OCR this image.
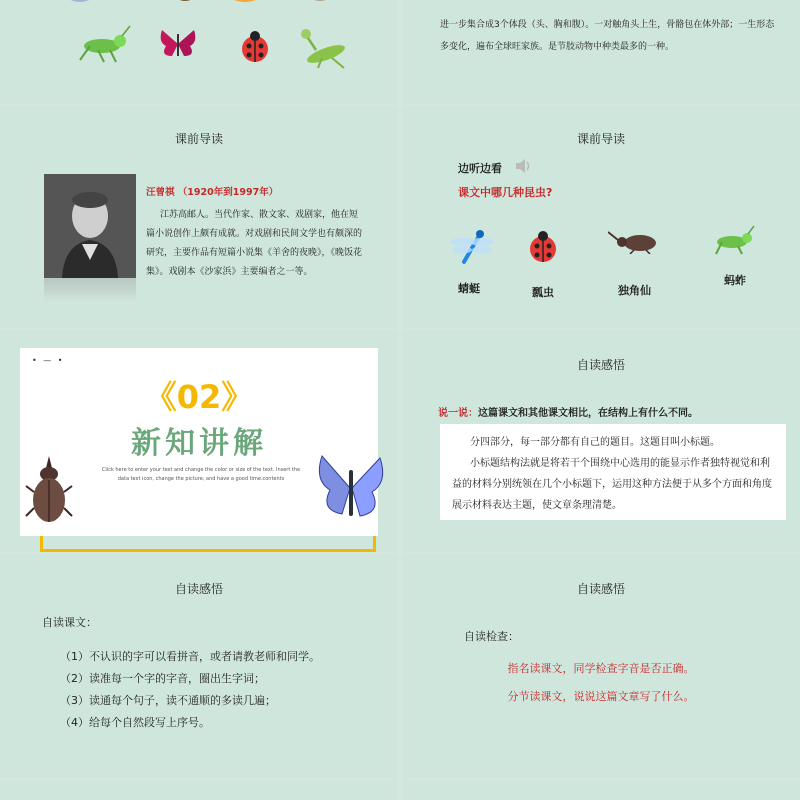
进一步集合成3个体段（头、胸和腹）。一对触角头上生，骨骼包在体外部；一生形态多变化，遍布全球旺家族。是节肢动物中种类最多的一种。
课前导读
汪曾祺 （1920年到1997年）
江苏高邮人。当代作家、散文家、戏剧家，他在短篇小说创作上颇有成就。对戏剧和民间文学也有颇深的研究，主要作品有短篇小说集《羊舍的夜晚》，《晚饭花集》。戏剧本《沙家浜》主要编者之一等。
课前导读
边听边看
课文中哪几种昆虫?
蜻蜓	瓢虫	独角仙
蚂蚱
• — •
《02》
新知讲解
Click here to enter your text and change the color or size of the text. Insert the data text icon, change the picture, and have a good time.contents
自读感悟
说一说：这篇课文和其他课文相比，在结构上有什么不同。

分四部分，每一部分都有自己的题目。这题目叫小标题。

小标题结构法就是将若干个围绕中心选用的能显示作者独特视觉和利益的材料分别统领在几个小标题下，运用这种方法便于从多个方面和角度展示材料表达主题，使文章条理清楚。

自读感悟
自读课文：
（1）不认识的字可以看拼音，或者请教老师和同学。
（2）读准每一个字的字音，圈出生字词；
（3）读通每个句子，读不通顺的多读几遍；
（4）给每个自然段写上序号。
自读感悟
自读检查：
指名读课文，同学检查字音是否正确。
分节读课文，说说这篇文章写了什么。
